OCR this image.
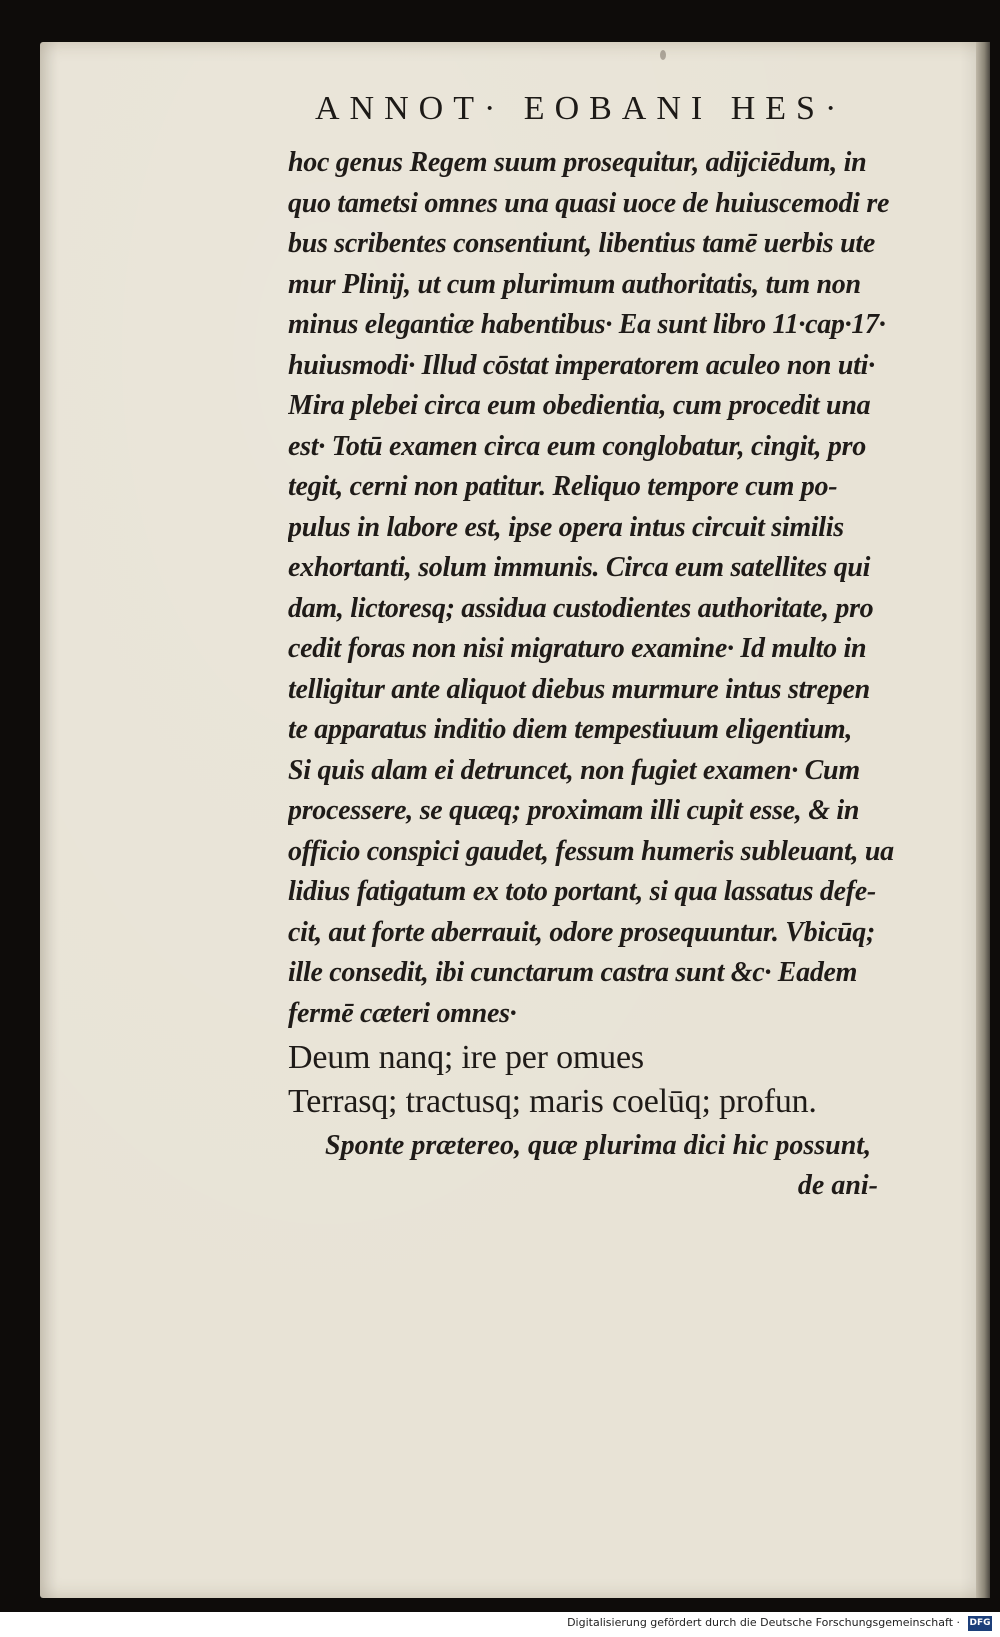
ANNOT· EOBANI HES·
hoc genus Regem suum prosequitur, adijciēdum, in
quo tametsi omnes una quasi uoce de huiuscemodi re
bus scribentes consentiunt, libentius tamē uerbis ute
mur Plinij, ut cum plurimum authoritatis, tum non
minus elegantiæ habentibus· Ea sunt libro 11·cap·17·
huiusmodi· Illud cōstat imperatorem aculeo non uti·
Mira plebei circa eum obedientia, cum procedit una
est· Totū examen circa eum conglobatur, cingit, pro
tegit, cerni non patitur. Reliquo tempore cum po-
pulus in labore est, ipse opera intus circuit similis
exhortanti, solum immunis. Circa eum satellites qui
dam, lictoresq; assidua custodientes authoritate, pro
cedit foras non nisi migraturo examine· Id multo in
telligitur ante aliquot diebus murmure intus strepen
te apparatus inditio diem tempestiuum eligentium,
Si quis alam ei detruncet, non fugiet examen· Cum
processere, se quæq; proximam illi cupit esse, & in
officio conspici gaudet, fessum humeris subleuant, ua
lidius fatigatum ex toto portant, si qua lassatus defe-
cit, aut forte aberrauit, odore prosequuntur. Vbicūq;
ille consedit, ibi cunctarum castra sunt &c· Eadem
fermē cæteri omnes·
Deum nanq; ire per omues
Terrasq; tractusq; maris coelūq; profun.
Sponte prætereo, quæ plurima dici hic possunt,
de ani-
Digitalisierung gefördert durch die Deutsche Forschungsgemeinschaft · DFG
